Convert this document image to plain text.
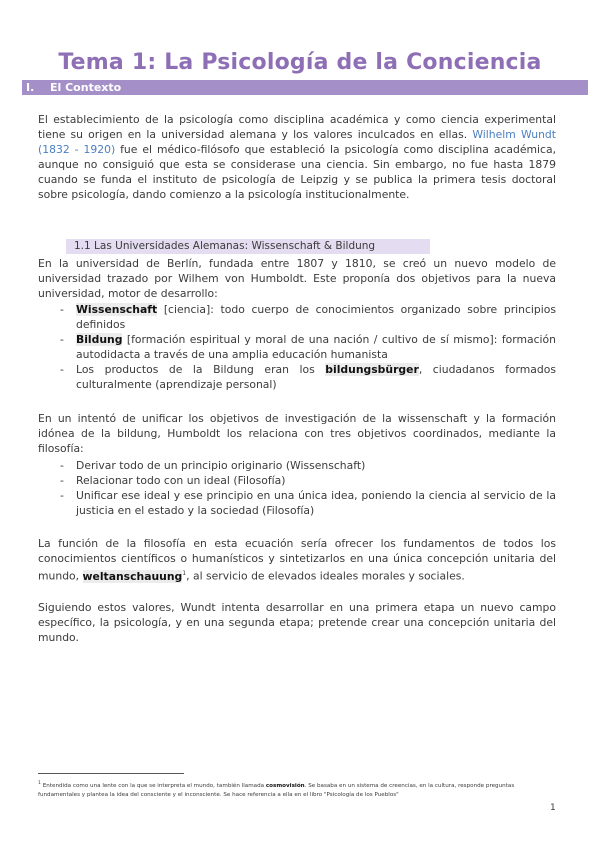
Tema 1: La Psicología de la Conciencia
I. El Contexto

El establecimiento de la psicología como disciplina académica y como ciencia experimental tiene su origen en la universidad alemana y los valores inculcados en ellas. Wilhelm Wundt (1832 - 1920) fue el médico-filósofo que estableció la psicología como disciplina académica, aunque no consiguió que esta se considerase una ciencia. Sin embargo, no fue hasta 1879 cuando se funda el instituto de psicología de Leipzig y se publica la primera tesis doctoral sobre psicología, dando comienzo a la psicología institucionalmente.

1.1 Las Universidades Alemanas: Wissenschaft & Bildung

En la universidad de Berlín, fundada entre 1807 y 1810, se creó un nuevo modelo de universidad trazado por Wilhem von Humboldt. Este proponía dos objetivos para la nueva universidad, motor de desarrollo:

- Wissenschaft [ciencia]: todo cuerpo de conocimientos organizado sobre principios definidos
- Bildung [formación espiritual y moral de una nación / cultivo de sí mismo]: formación autodidacta a través de una amplia educación humanista
- Los productos de la Bildung eran los bildungsbürger, ciudadanos formados culturalmente (aprendizaje personal)

En un intentó de unificar los objetivos de investigación de la wissenschaft y la formación idónea de la bildung, Humboldt los relaciona con tres objetivos coordinados, mediante la filosofía:

- Derivar todo de un principio originario (Wissenschaft)
- Relacionar todo con un ideal (Filosofía)
- Unificar ese ideal y ese principio en una única idea, poniendo la ciencia al servicio de la justicia en el estado y la sociedad (Filosofía)

La función de la filosofía en esta ecuación sería ofrecer los fundamentos de todos los conocimientos científicos o humanísticos y sintetizarlos en una única concepción unitaria del mundo, weltanschauung$^1$, al servicio de elevados ideales morales y sociales.

Siguiendo estos valores, Wundt intenta desarrollar en una primera etapa un nuevo campo específico, la psicología, y en una segunda etapa; pretende crear una concepción unitaria del mundo.

$^1$ Entendida como una lente con la que se interpreta el mundo, también llamada cosmovisión. Se basaba en un sistema de creencias, en la cultura, responde preguntas fundamentales y plantea la idea del consciente y el inconsciente. Se hace referencia a ella en el libro "Psicología de los Pueblos"
1
